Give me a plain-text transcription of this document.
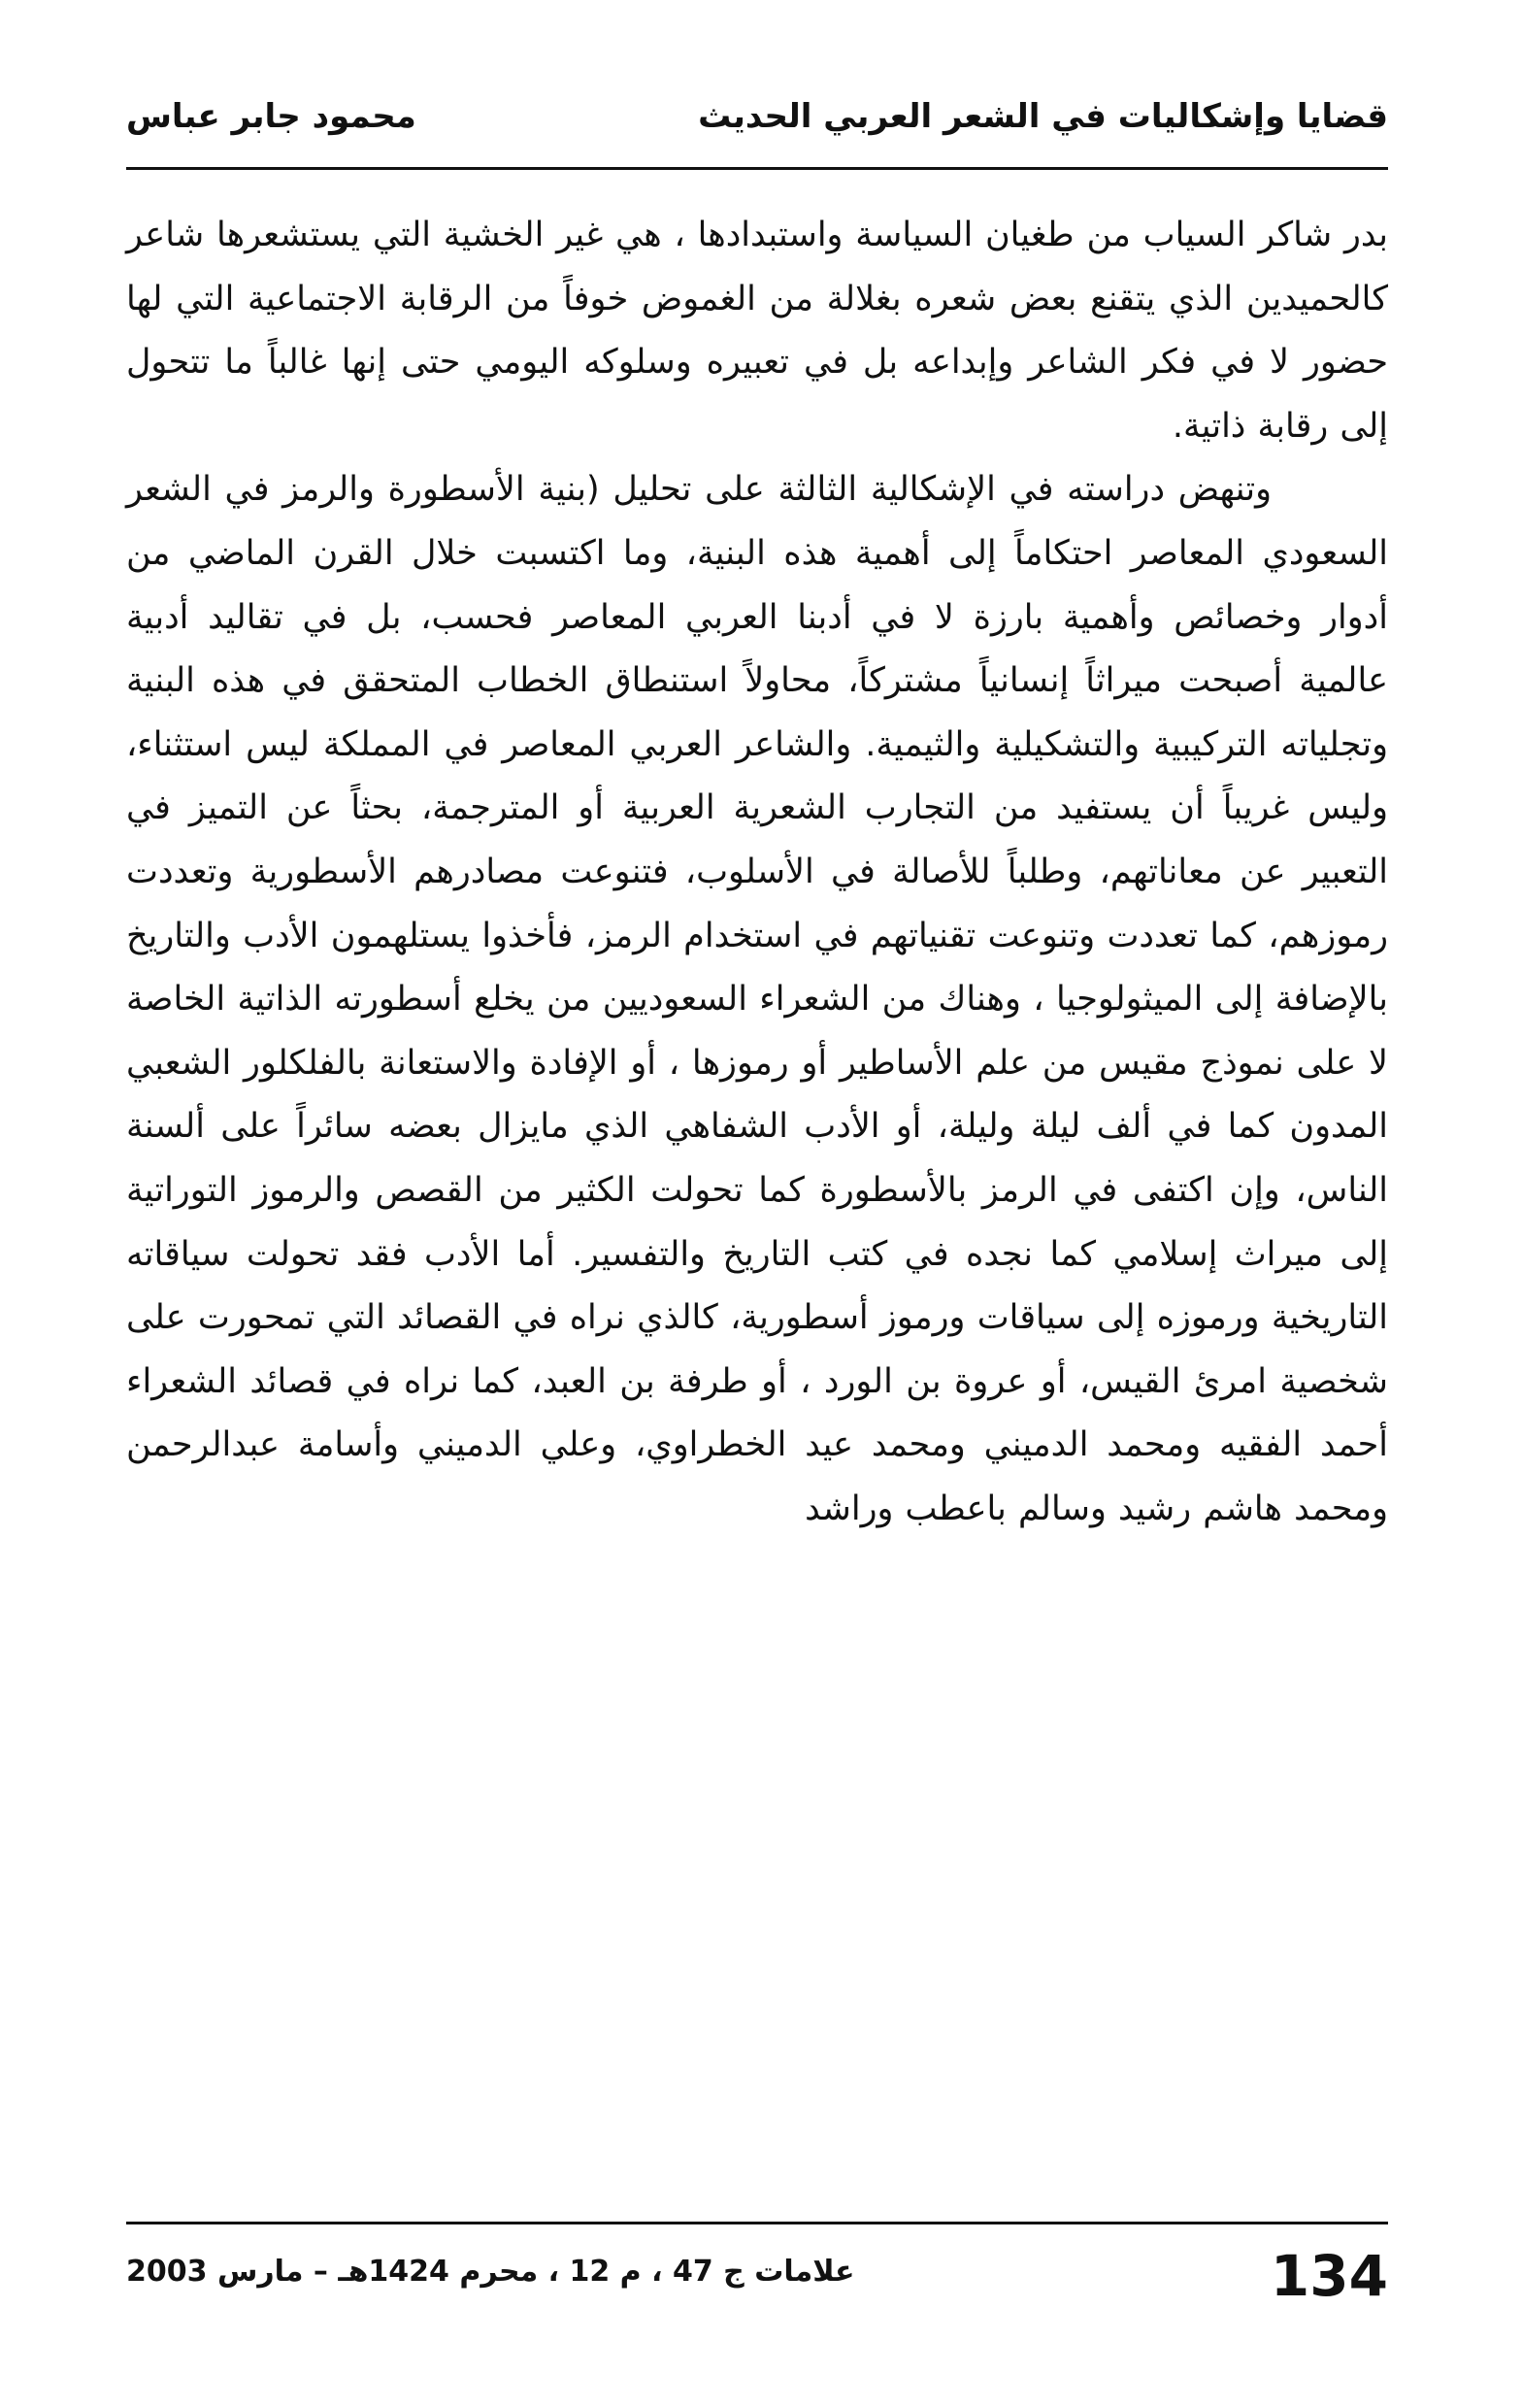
قضايا وإشكاليات في الشعر العربي الحديث
محمود جابر عباس

بدر شاكر السياب من طغيان السياسة واستبدادها ، هي غير الخشية التي يستشعرها شاعر كالحميدين الذي يتقنع بعض شعره بغلالة من الغموض خوفاً من الرقابة الاجتماعية التي لها حضور لا في فكر الشاعر وإبداعه بل في تعبيره وسلوكه اليومي حتى إنها غالباً ما تتحول إلى رقابة ذاتية.

وتنهض دراسته في الإشكالية الثالثة على تحليل (بنية الأسطورة والرمز في الشعر السعودي المعاصر احتكاماً إلى أهمية هذه البنية، وما اكتسبت خلال القرن الماضي من أدوار وخصائص وأهمية بارزة لا في أدبنا العربي المعاصر فحسب، بل في تقاليد أدبية عالمية أصبحت ميراثاً إنسانياً مشتركاً، محاولاً استنطاق الخطاب المتحقق في هذه البنية وتجلياته التركيبية والتشكيلية والثيمية. والشاعر العربي المعاصر في المملكة ليس استثناء، وليس غريباً أن يستفيد من التجارب الشعرية العربية أو المترجمة، بحثاً عن التميز في التعبير عن معاناتهم، وطلباً للأصالة في الأسلوب، فتنوعت مصادرهم الأسطورية وتعددت رموزهم، كما تعددت وتنوعت تقنياتهم في استخدام الرمز، فأخذوا يستلهمون الأدب والتاريخ بالإضافة إلى الميثولوجيا ، وهناك من الشعراء السعوديين من يخلع أسطورته الذاتية الخاصة لا على نموذج مقيس من علم الأساطير أو رموزها ، أو الإفادة والاستعانة بالفلكلور الشعبي المدون كما في ألف ليلة وليلة، أو الأدب الشفاهي الذي مايزال بعضه سائراً على ألسنة الناس، وإن اكتفى في الرمز بالأسطورة كما تحولت الكثير من القصص والرموز التوراتية إلى ميراث إسلامي كما نجده في كتب التاريخ والتفسير. أما الأدب فقد تحولت سياقاته التاريخية ورموزه إلى سياقات ورموز أسطورية، كالذي نراه في القصائد التي تمحورت على شخصية امرئ القيس، أو عروة بن الورد ، أو طرفة بن العبد، كما نراه في قصائد الشعراء أحمد الفقيه ومحمد الدميني ومحمد عيد الخطراوي، وعلي الدميني وأسامة عبدالرحمن ومحمد هاشم رشيد وسالم باعطب وراشد

134
علامات ج 47 ، م 12 ، محرم 1424هـ – مارس 2003
